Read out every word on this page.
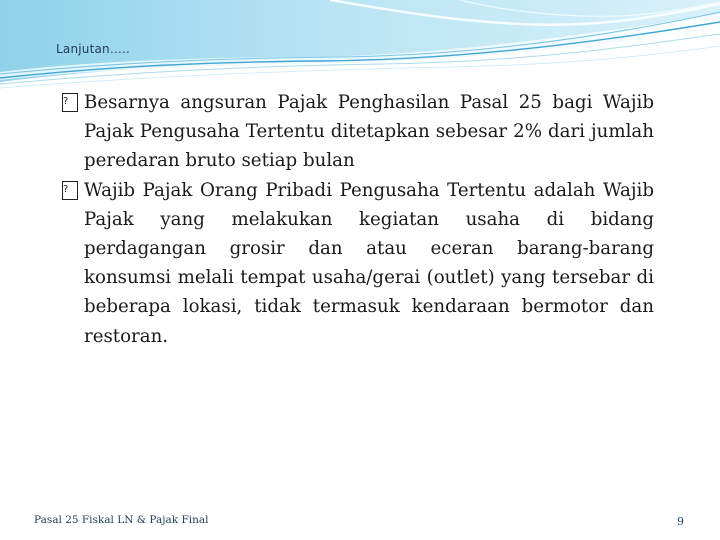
Lanjutan…..

? Besarnya angsuran Pajak Penghasilan Pasal 25 bagi Wajib Pajak Pengusaha Tertentu ditetapkan sebesar 2% dari jumlah peredaran bruto setiap bulan

? Wajib Pajak Orang Pribadi Pengusaha Tertentu adalah Wajib Pajak yang melakukan kegiatan usaha di bidang perdagangan grosir dan atau eceran barang-barang konsumsi melali tempat usaha/gerai (outlet) yang tersebar di beberapa lokasi, tidak termasuk kendaraan bermotor dan restoran.

Pasal 25 Fiskal LN & Pajak Final	9
